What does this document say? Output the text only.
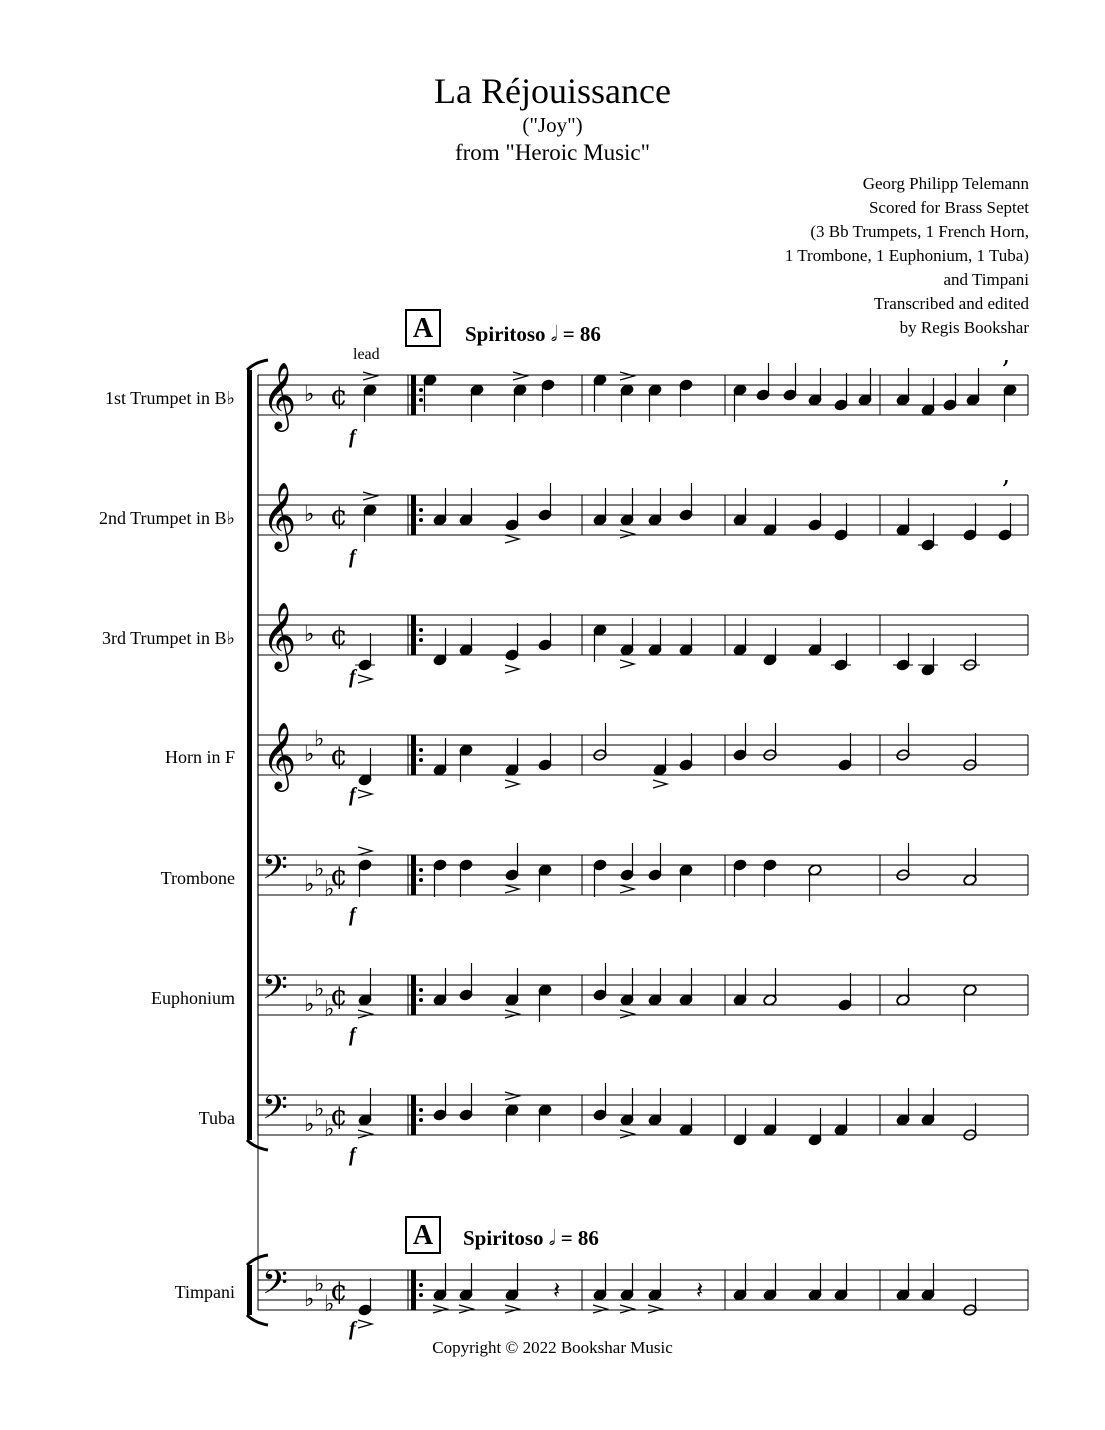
La Réjouissance
("Joy")
from "Heroic Music"
Georg Philipp Telemann
Scored for Brass Septet
(3 Bb Trumpets, 1 French Horn,
1 Trombone, 1 Euphonium, 1 Tuba)
and Timpani
Transcribed and edited
by Regis Bookshar
A	Spiritoso 𝅗𝅥 = 86
A	Spiritoso 𝅗𝅥 = 86
lead
1st Trumpet in B♭
2nd Trumpet in B♭
3rd Trumpet in B♭
Horn in F
Trombone
Euphonium
Tuba
Timpani
f
f
f
f
f
f
f
f
𝄞 ♭ ¢
𝄞 ♭ ¢
𝄞 ♭ ¢
𝄞 ♭
♭ ¢
𝄢 ♭
♭
♭
¢
𝄢 ♭
♭
♭
¢
𝄢 ♭
♭
♭
¢
𝄢 ♭
♭
♭
¢	𝄽	𝄽
,
,
Copyright © 2022 Bookshar Music
